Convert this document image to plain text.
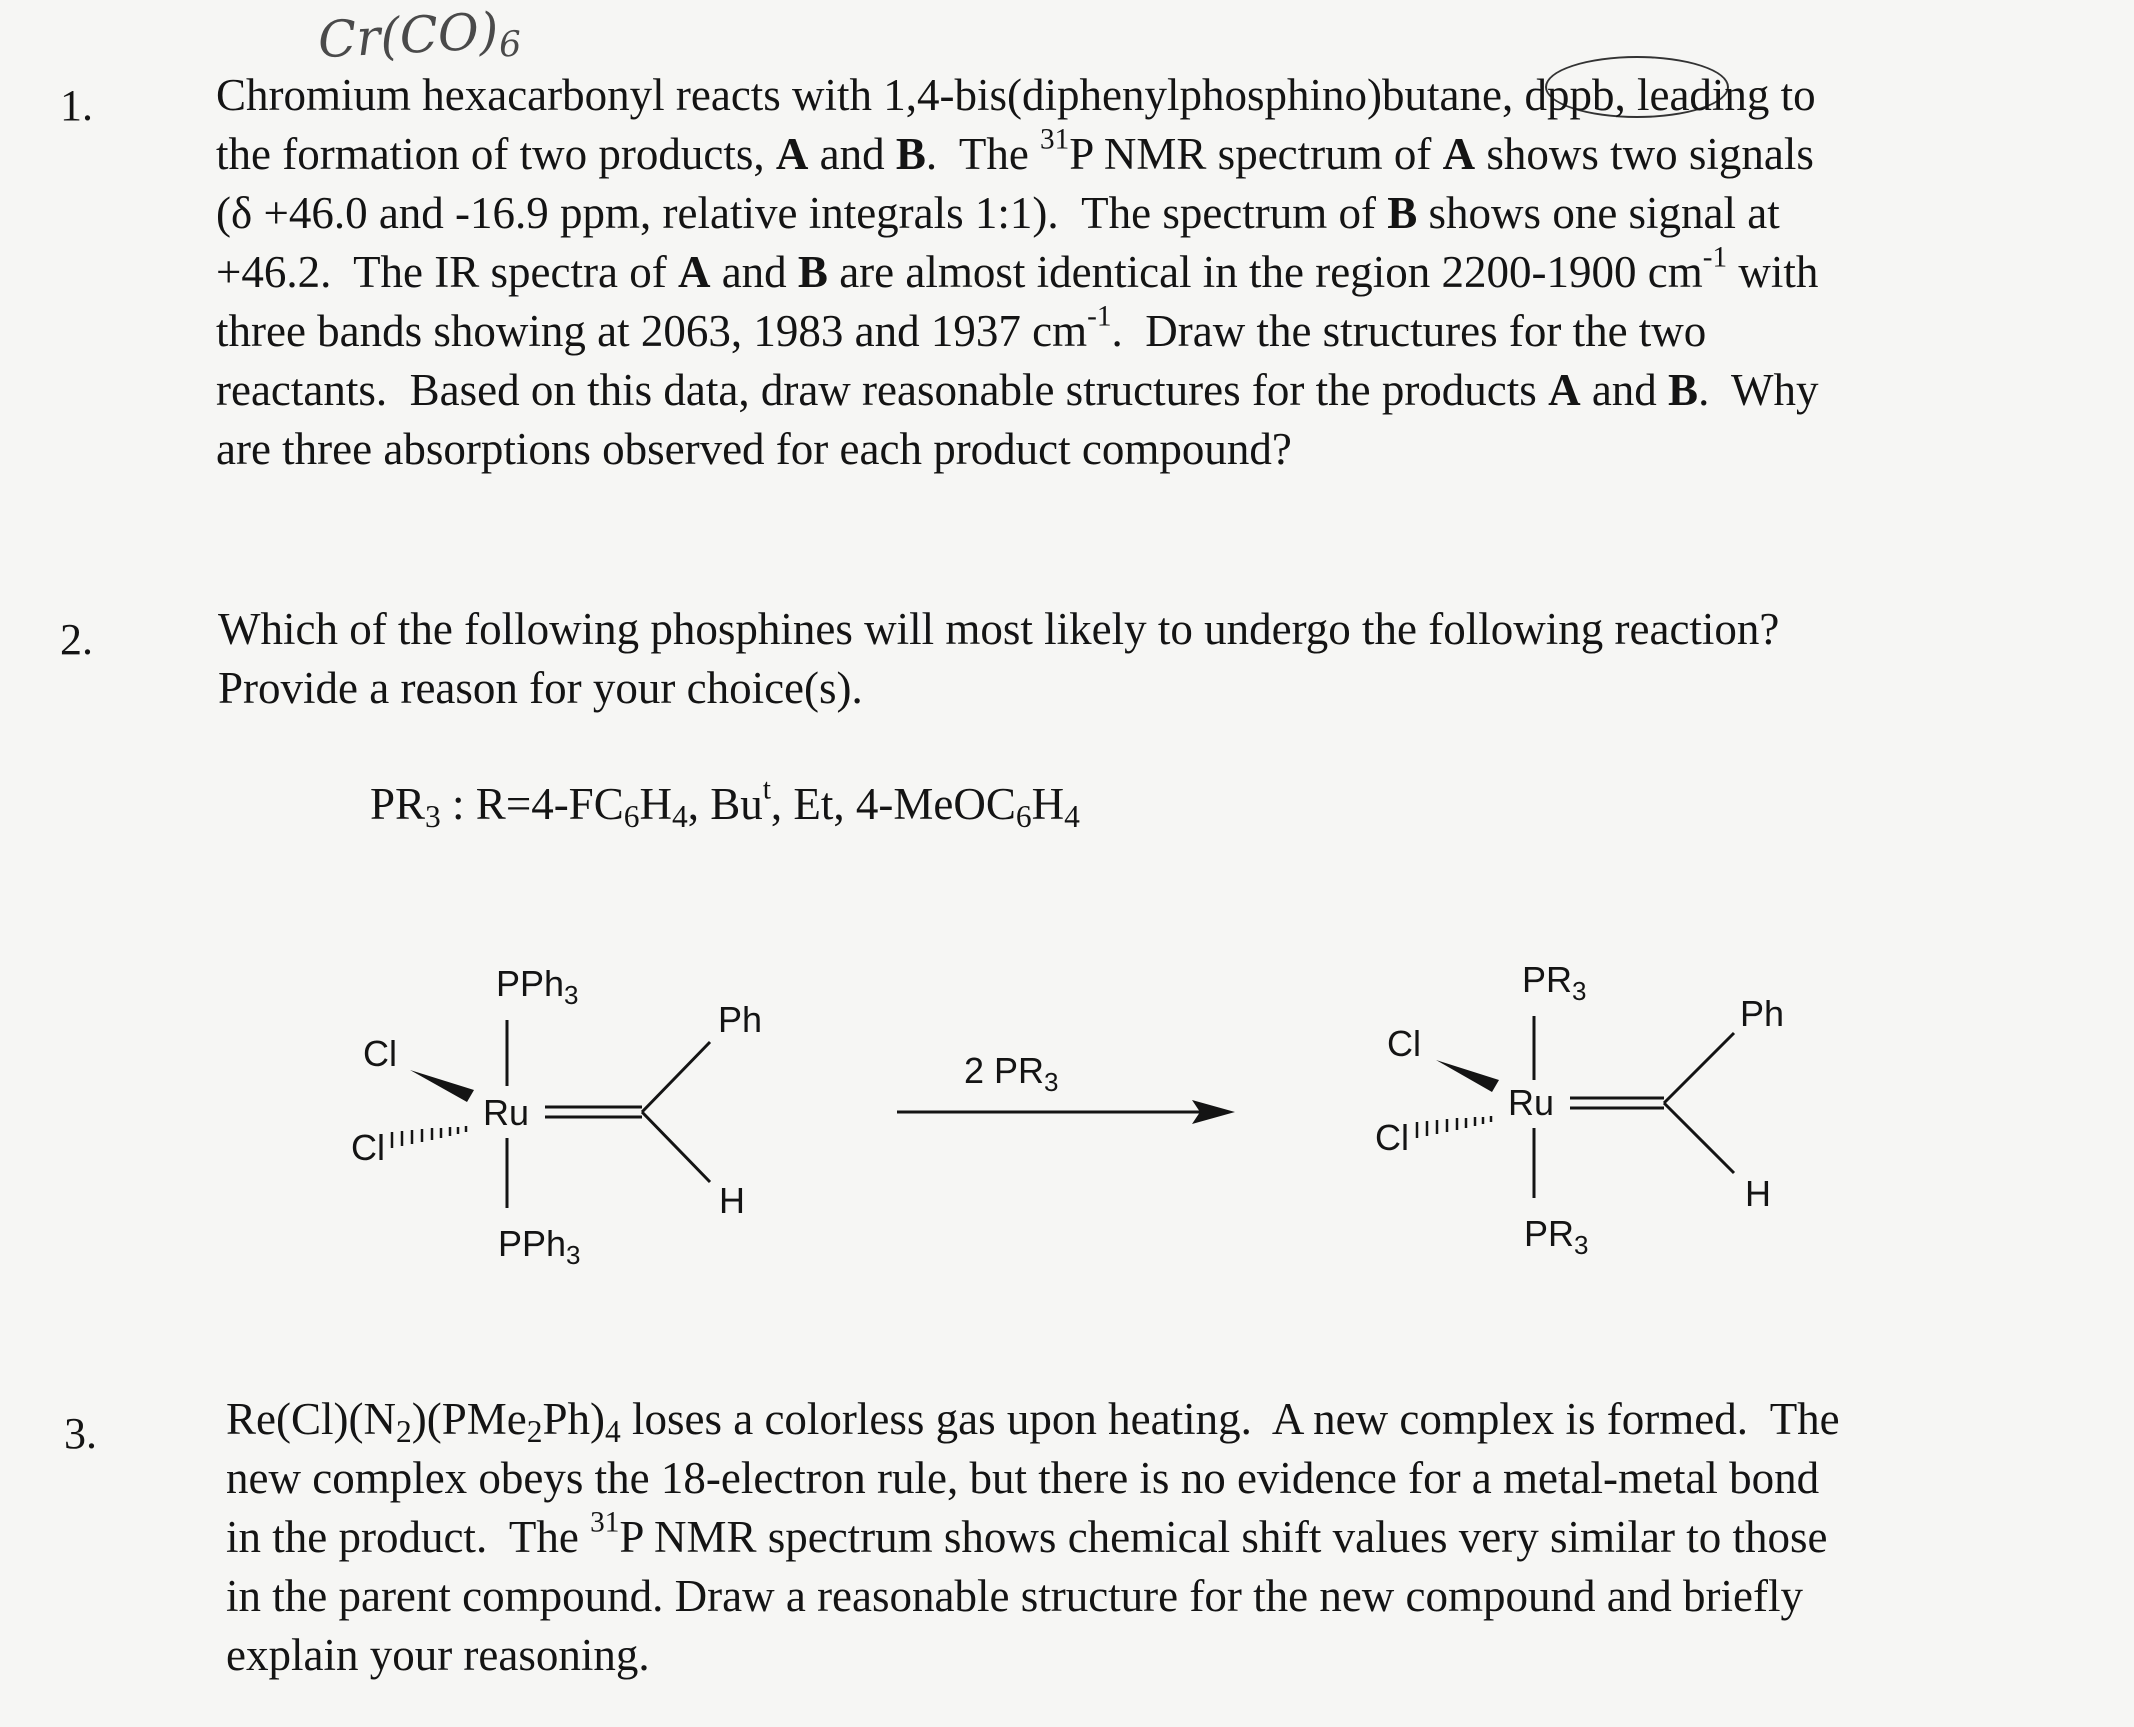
$Cr(CO)_6$
1.	Chromium hexacarbonyl reacts with 1,4-bis(diphenylphosphino)butane, dppb, leading to
the formation of two products, A and B.  The $^{31}$P NMR spectrum of A shows two signals
(δ +46.0 and -16.9 ppm, relative integrals 1:1).  The spectrum of B shows one signal at
+46.2.  The IR spectra of A and B are almost identical in the region 2200-1900 $cm^{-1}$ with
three bands showing at 2063, 1983 and 1937 $cm^{-1}$.  Draw the structures for the two
reactants.  Based on this data, draw reasonable structures for the products A and B.  Why
are three absorptions observed for each product compound?
2.	Which of the following phosphines will most likely to undergo the following reaction?
Provide a reason for your choice(s).
$PR_3$ : $R=4-FC_6H_4$, Bu$^t$, Et, $4-MeOC_6H_4$
PPh$_3$
Cl
Cl
Ru
PPh$_3$
Ph
H
2 $PR_3$
$PR_3$
Cl
Cl
Ru
$PR_3$
Ph
H
3.	$Re(Cl)(N_2)(PMe_2Ph)_4$ loses a colorless gas upon heating.  A new complex is formed.  The
new complex obeys the 18-electron rule, but there is no evidence for a metal-metal bond
in the product.  The $^{31}$P NMR spectrum shows chemical shift values very similar to those
in the parent compound. Draw a reasonable structure for the new compound and briefly
explain your reasoning.
